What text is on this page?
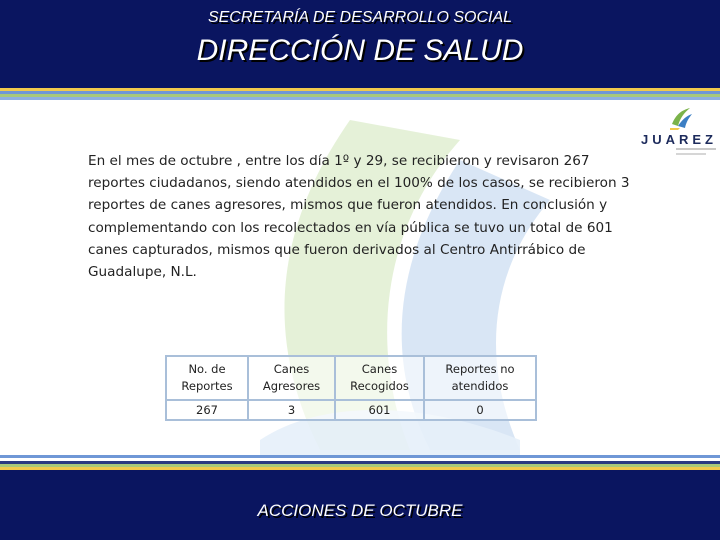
SECRETARÍA DE DESARROLLO SOCIAL
DIRECCIÓN DE SALUD
JUAREZ
En el mes de octubre , entre los día 1º y 29, se recibieron y revisaron 267 reportes ciudadanos, siendo atendidos en el 100% de los casos, se recibieron 3 reportes de canes agresores, mismos que fueron atendidos. En conclusión y complementando con los recolectados en vía pública se tuvo un total de 601 canes capturados, mismos que fueron derivados al Centro Antirrábico de Guadalupe, N.L.
No. de Reportes	Canes Agresores	Canes Recogidos	Reportes no atendidos
267	3	601	0
ACCIONES DE OCTUBRE
